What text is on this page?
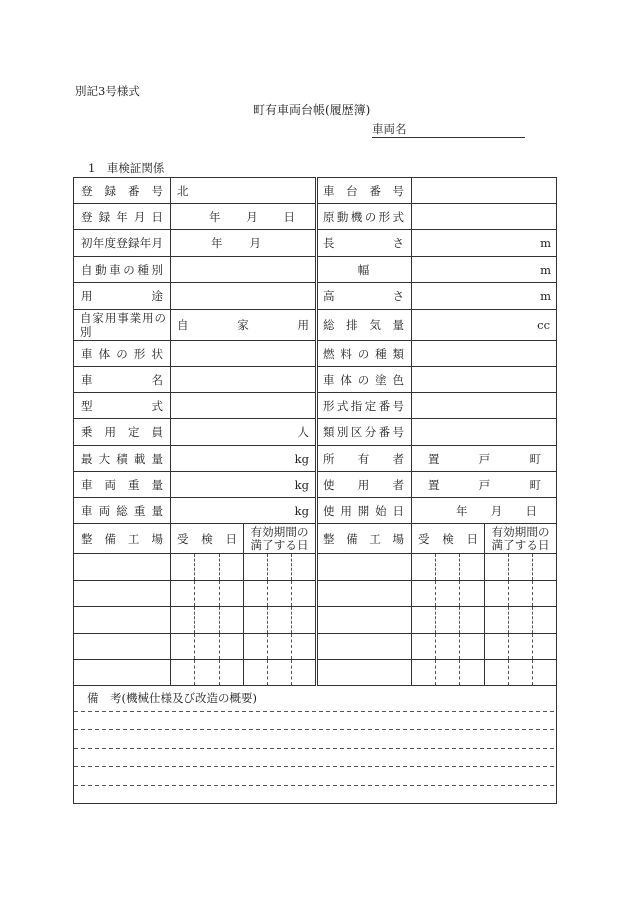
別記3号様式
町有車両台帳(履歴簿)
車両名
1　車検証関係
登録番号	北						車台番号						
登録年月日	年 月 日						原動機の形式						
初年度登録年月	年 月						長さ	m					
自動車の種別							幅	m					
用途							高さ	m					

自家用事業用の別	自家用						総排気量	cc					
車体の形状							燃料の種類						
車名							車体の塗色						
型式							形式指定番号						
乗用定員	人						類別区分番号						
最大積載量	kg						所有者	置戸町					
車両重量	kg						使用者	置戸町					
車両総重量	kg						使用開始日	年 月 日					
整備工場	受検日			有効期間の満了する日			整備工場	受検日			有効期間の満了する日		

備　考(機械仕様及び改造の概要)													
